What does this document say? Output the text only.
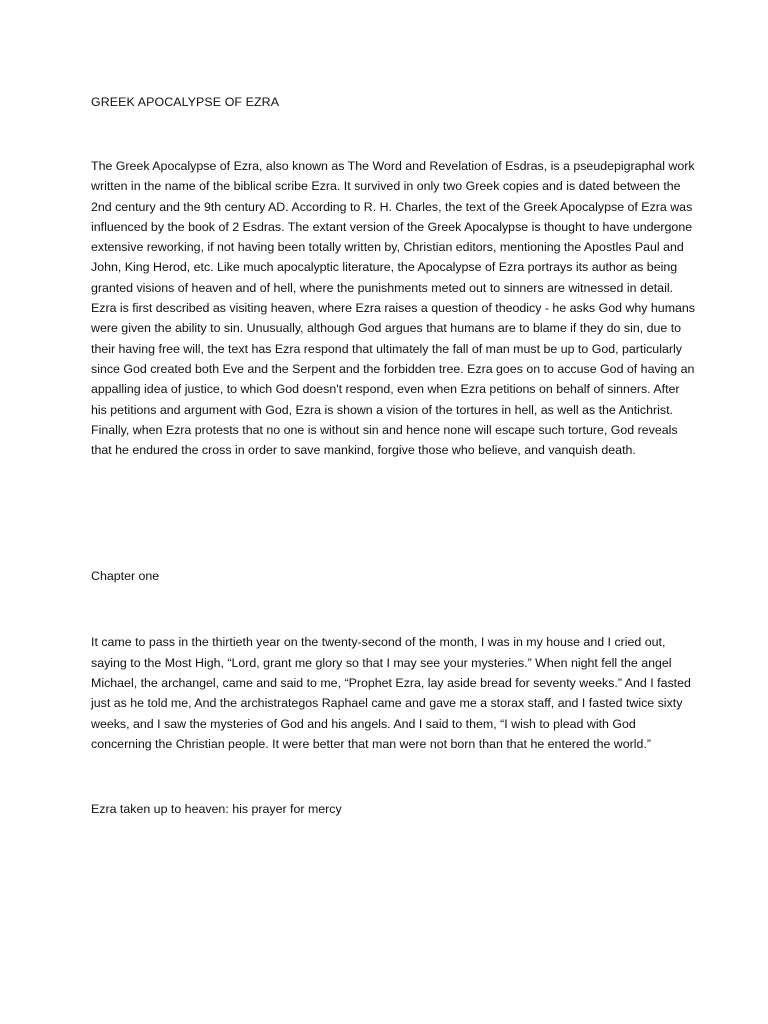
GREEK APOCALYPSE OF EZRA

The Greek Apocalypse of Ezra, also known as The Word and Revelation of Esdras, is a pseudepigraphal work written in the name of the biblical scribe Ezra. It survived in only two Greek copies and is dated between the 2nd century and the 9th century AD. According to R. H. Charles, the text of the Greek Apocalypse of Ezra was influenced by the book of 2 Esdras. The extant version of the Greek Apocalypse is thought to have undergone extensive reworking, if not having been totally written by, Christian editors, mentioning the Apostles Paul and John, King Herod, etc. Like much apocalyptic literature, the Apocalypse of Ezra portrays its author as being granted visions of heaven and of hell, where the punishments meted out to sinners are witnessed in detail. Ezra is first described as visiting heaven, where Ezra raises a question of theodicy - he asks God why humans were given the ability to sin. Unusually, although God argues that humans are to blame if they do sin, due to their having free will, the text has Ezra respond that ultimately the fall of man must be up to God, particularly since God created both Eve and the Serpent and the forbidden tree. Ezra goes on to accuse God of having an appalling idea of justice, to which God doesn't respond, even when Ezra petitions on behalf of sinners. After his petitions and argument with God, Ezra is shown a vision of the tortures in hell, as well as the Antichrist. Finally, when Ezra protests that no one is without sin and hence none will escape such torture, God reveals that he endured the cross in order to save mankind, forgive those who believe, and vanquish death.

Chapter one

It came to pass in the thirtieth year on the twenty-second of the month, I was in my house and I cried out, saying to the Most High, “Lord, grant me glory so that I may see your mysteries.” When night fell the angel Michael, the archangel, came and said to me, “Prophet Ezra, lay aside bread for seventy weeks.” And I fasted just as he told me, And the archistrategos Raphael came and gave me a storax staff, and I fasted twice sixty weeks, and I saw the mysteries of God and his angels. And I said to them, “I wish to plead with God concerning the Christian people. It were better that man were not born than that he entered the world.”

Ezra taken up to heaven: his prayer for mercy
